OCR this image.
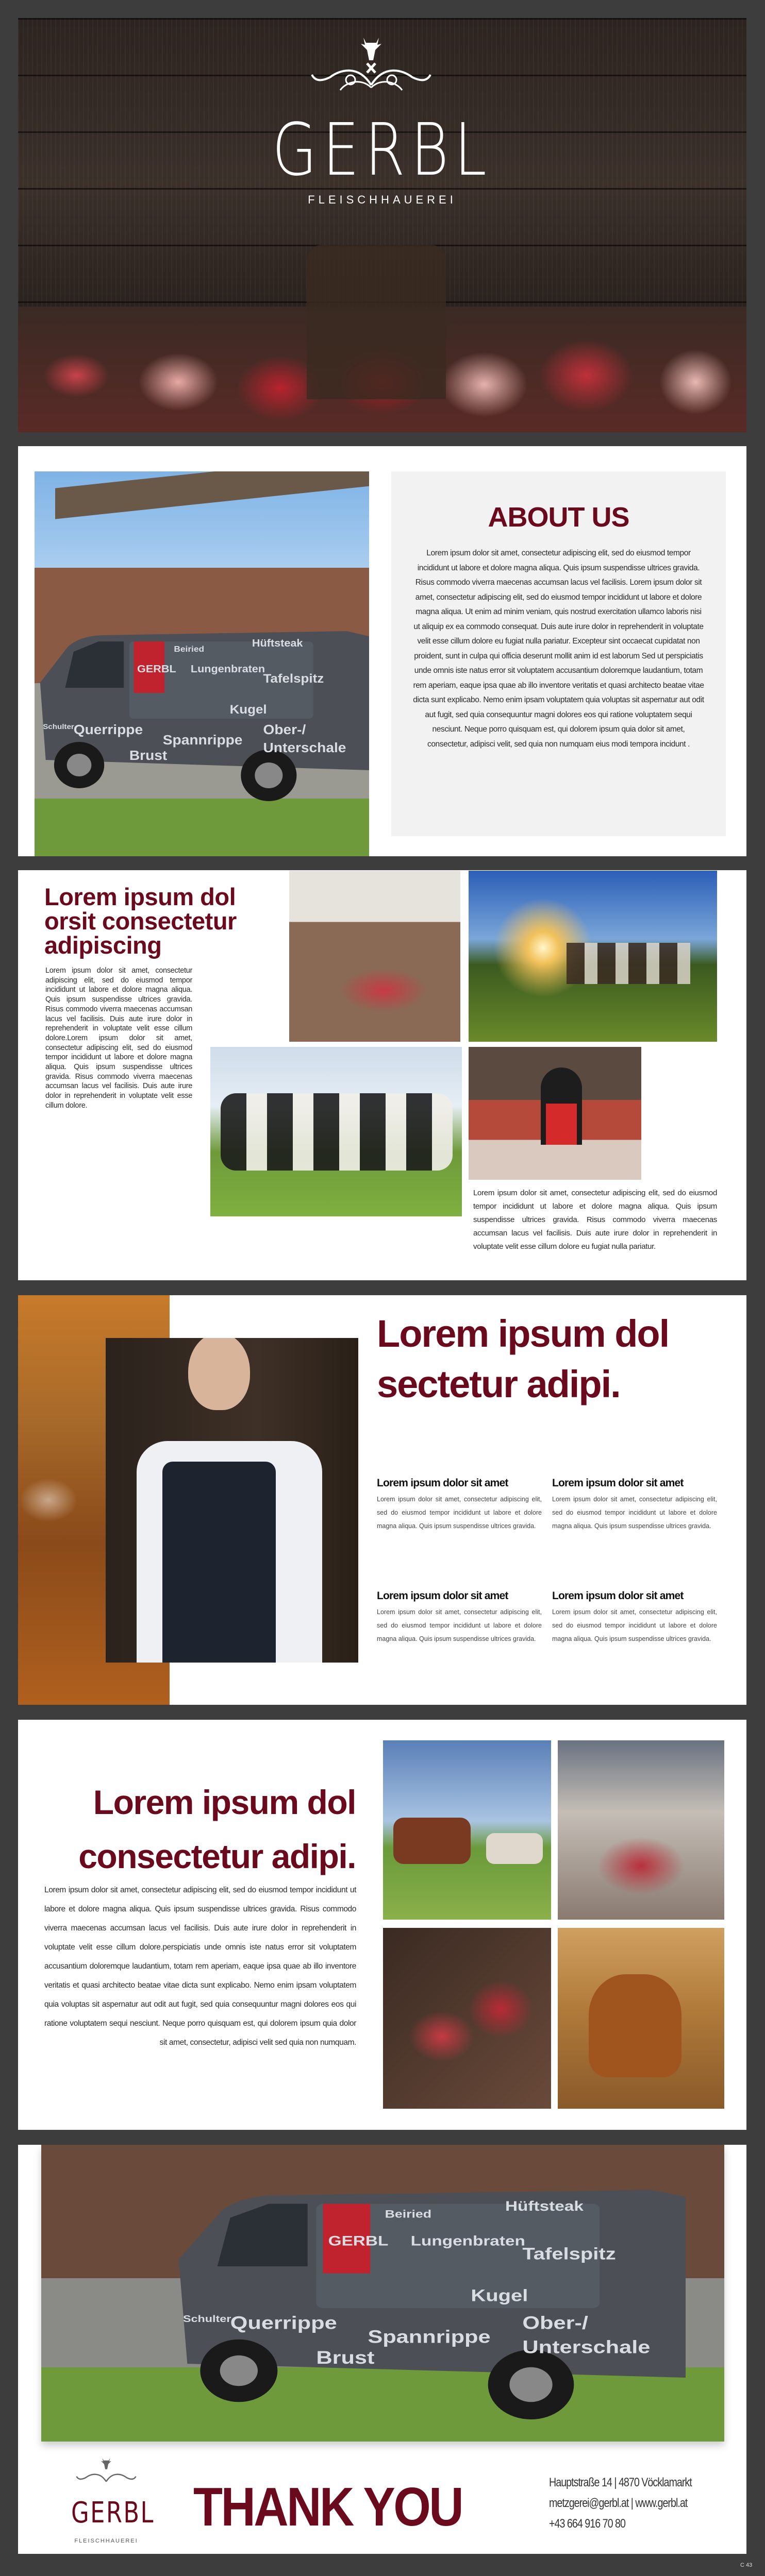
GERBL
FLEISCHHAUEREI
GERBL
Beiried	Hüftsteak
Lungenbraten
Tafelspitz
Kugel
Schulter
Querrippe
Spannrippe
Ober-/
Unterschale
Brust
ABOUT US

Lorem ipsum dolor sit amet, consectetur adipiscing elit, sed do eiusmod tempor incididunt ut labore et dolore magna aliqua. Quis ipsum suspendisse ultrices gravida. Risus commodo viverra maecenas accumsan lacus vel facilisis. Lorem ipsum dolor sit amet, consectetur adipiscing elit, sed do eiusmod tempor incididunt ut labore et dolore magna aliqua. Ut enim ad minim veniam, quis nostrud exercitation ullamco laboris nisi ut aliquip ex ea commodo consequat. Duis aute irure dolor in reprehenderit in voluptate velit esse cillum dolore eu fugiat nulla pariatur. Excepteur sint occaecat cupidatat non proident, sunt in culpa qui officia deserunt mollit anim id est laborum Sed ut perspiciatis unde omnis iste natus error sit voluptatem accusantium doloremque laudantium, totam rem aperiam, eaque ipsa quae ab illo inventore veritatis et quasi architecto beatae vitae dicta sunt explicabo. Nemo enim ipsam voluptatem quia voluptas sit aspernatur aut odit aut fugit, sed quia consequuntur magni dolores eos qui ratione voluptatem sequi nesciunt. Neque porro quisquam est, qui dolorem ipsum quia dolor sit amet, consectetur, adipisci velit, sed quia non numquam eius modi tempora incidunt .

Lorem ipsum dol
orsit consectetur
adipiscing

Lorem ipsum dolor sit amet, consectetur adipiscing elit, sed do eiusmod tempor incididunt ut labore et dolore magna aliqua. Quis ipsum suspendisse ultrices gravida. Risus commodo viverra maecenas accumsan lacus vel facilisis. Duis aute irure dolor in reprehenderit in voluptate velit esse cillum dolore.Lorem ipsum dolor sit amet, consectetur adipiscing elit, sed do eiusmod tempor incididunt ut labore et dolore magna aliqua. Quis ipsum suspendisse ultrices gravida. Risus commodo viverra maecenas accumsan lacus vel facilisis. Duis aute irure dolor in reprehenderit in voluptate velit esse cillum dolore.

Lorem ipsum dolor sit amet, consectetur adipiscing elit, sed do eiusmod tempor incididunt ut labore et dolore magna aliqua. Quis ipsum suspendisse ultrices gravida. Risus commodo viverra maecenas accumsan lacus vel facilisis. Duis aute irure dolor in reprehenderit in voluptate velit esse cillum dolore eu fugiat nulla pariatur.

Lorem ipsum dol
sectetur adipi.
Lorem ipsum dolor sit amet

Lorem ipsum dolor sit amet, consectetur adipiscing elit, sed do eiusmod tempor incididunt ut labore et dolore magna aliqua. Quis ipsum suspendisse ultrices gravida.

Lorem ipsum dolor sit amet

Lorem ipsum dolor sit amet, consectetur adipiscing elit, sed do eiusmod tempor incididunt ut labore et dolore magna aliqua. Quis ipsum suspendisse ultrices gravida.

Lorem ipsum dolor sit amet

Lorem ipsum dolor sit amet, consectetur adipiscing elit, sed do eiusmod tempor incididunt ut labore et dolore magna aliqua. Quis ipsum suspendisse ultrices gravida.

Lorem ipsum dolor sit amet

Lorem ipsum dolor sit amet, consectetur adipiscing elit, sed do eiusmod tempor incididunt ut labore et dolore magna aliqua. Quis ipsum suspendisse ultrices gravida.

Lorem ipsum dol
consectetur adipi.

Lorem ipsum dolor sit amet, consectetur adipiscing elit, sed do eiusmod tempor incididunt ut labore et dolore magna aliqua. Quis ipsum suspendisse ultrices gravida. Risus commodo viverra maecenas accumsan lacus vel facilisis. Duis aute irure dolor in reprehenderit in voluptate velit esse cillum dolore.perspiciatis unde omnis iste natus error sit voluptatem accusantium doloremque laudantium, totam rem aperiam, eaque ipsa quae ab illo inventore veritatis et quasi architecto beatae vitae dicta sunt explicabo. Nemo enim ipsam voluptatem quia voluptas sit aspernatur aut odit aut fugit, sed quia consequuntur magni dolores eos qui ratione voluptatem sequi nesciunt. Neque porro quisquam est, qui dolorem ipsum quia dolor sit amet, consectetur, adipisci velit sed quia non numquam.

GERBL
Beiried
Hüftsteak
Lungenbraten
Tafelspitz
Kugel
Schulter
Querrippe
Spannrippe
Ober-/
Unterschale
Brust
GERBL
FLEISCHHAUEREI
THANK YOU	Hauptstraße 14 | 4870 Vöcklamarkt
metzgerei@gerbl.at | www.gerbl.at
+43 664 916 70 80
C 43
